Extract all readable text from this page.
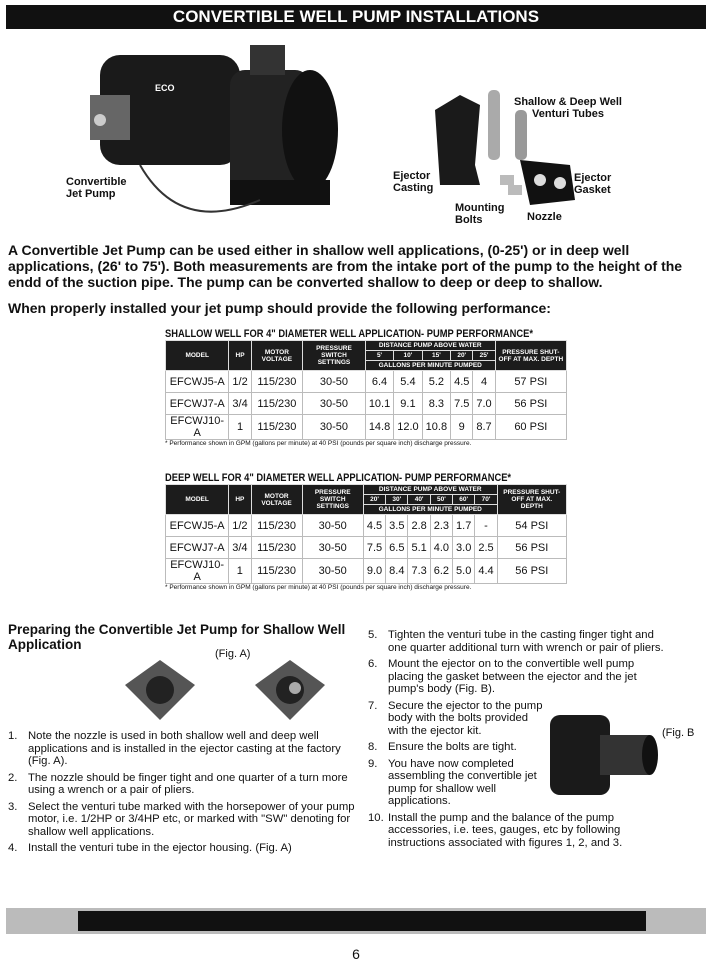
CONVERTIBLE WELL PUMP INSTALLATIONS
ECO
Convertible Jet Pump
Shallow & Deep Well Venturi Tubes
Ejector Casting
Ejector Gasket
Mounting Bolts	Nozzle
A Convertible Jet Pump can be used either in shallow well applications, (0-25') or in deep well applications, (26' to 75'). Both measurements are from the intake port of the pump to the height of the endd of the suction pipe. The pump can be converted shallow to deep or deep to shallow.
When properly installed your jet pump should provide the following performance:
SHALLOW WELL FOR 4" DIAMETER WELL APPLICATION- PUMP PERFORMANCE*
MODEL	HP	MOTOR VOLTAGE	PRESSURE SWITCH SETTINGS	DISTANCE PUMP ABOVE WATER					PRESSURE SHUT-OFF AT MAX. DEPTH
				5'	10'	15'	20'	25'	
				GALLONS PER MINUTE PUMPED					
EFCWJ5-A	1/2	115/230	30-50	6.4	5.4	5.2	4.5	4	57 PSI
EFCWJ7-A	3/4	115/230	30-50	10.1	9.1	8.3	7.5	7.0	56 PSI
EFCWJ10-A	1	115/230	30-50	14.8	12.0	10.8	9	8.7	60 PSI
* Performance shown in GPM (gallons per minute) at 40 PSI (pounds per square inch) discharge pressure.
DEEP WELL FOR 4" DIAMETER WELL APPLICATION- PUMP PERFORMANCE*
MODEL	HP	MOTOR VOLTAGE	PRESSURE SWITCH SETTINGS	DISTANCE PUMP ABOVE WATER						PRESSURE SHUT-OFF AT MAX. DEPTH
				20'	30'	40'	50'	60'	70'	
				GALLONS PER MINUTE PUMPED						
EFCWJ5-A	1/2	115/230	30-50	4.5	3.5	2.8	2.3	1.7	-	54 PSI
EFCWJ7-A	3/4	115/230	30-50	7.5	6.5	5.1	4.0	3.0	2.5	56 PSI
EFCWJ10-A	1	115/230	30-50	9.0	8.4	7.3	6.2	5.0	4.4	56 PSI
* Performance shown in GPM (gallons per minute) at 40 PSI (pounds per square inch) discharge pressure.
Preparing the Convertible Jet Pump for Shallow Well Application
(Fig. A)
1. Note the nozzle is used in both shallow well and deep well applications and is installed in the ejector casting at the factory (Fig. A).
2. The nozzle should be finger tight and one quarter of a turn more using a wrench or a pair of pliers.
3. Select the venturi tube marked with the horsepower of your pump motor, i.e. 1/2HP or 3/4HP etc, or marked with "SW" denoting for shallow well applications.
4. Install the venturi tube in the ejector housing. (Fig. A)
5. Tighten the venturi tube in the casting finger tight and one quarter additional turn with wrench or pair of pliers.
6. Mount the ejector on to the convertible well pump placing the gasket between the ejector and the jet pump's body (Fig. B).
7. Secure the ejector to the pump body with the bolts provided with the ejector kit.
8. Ensure the bolts are tight.
9. You have now completed assembling the convertible jet pump for shallow well applications.
10. Install the pump and the balance of the pump accessories, i.e. tees, gauges, etc by following instructions associated with figures 1, 2, and 3.
(Fig. B
6
